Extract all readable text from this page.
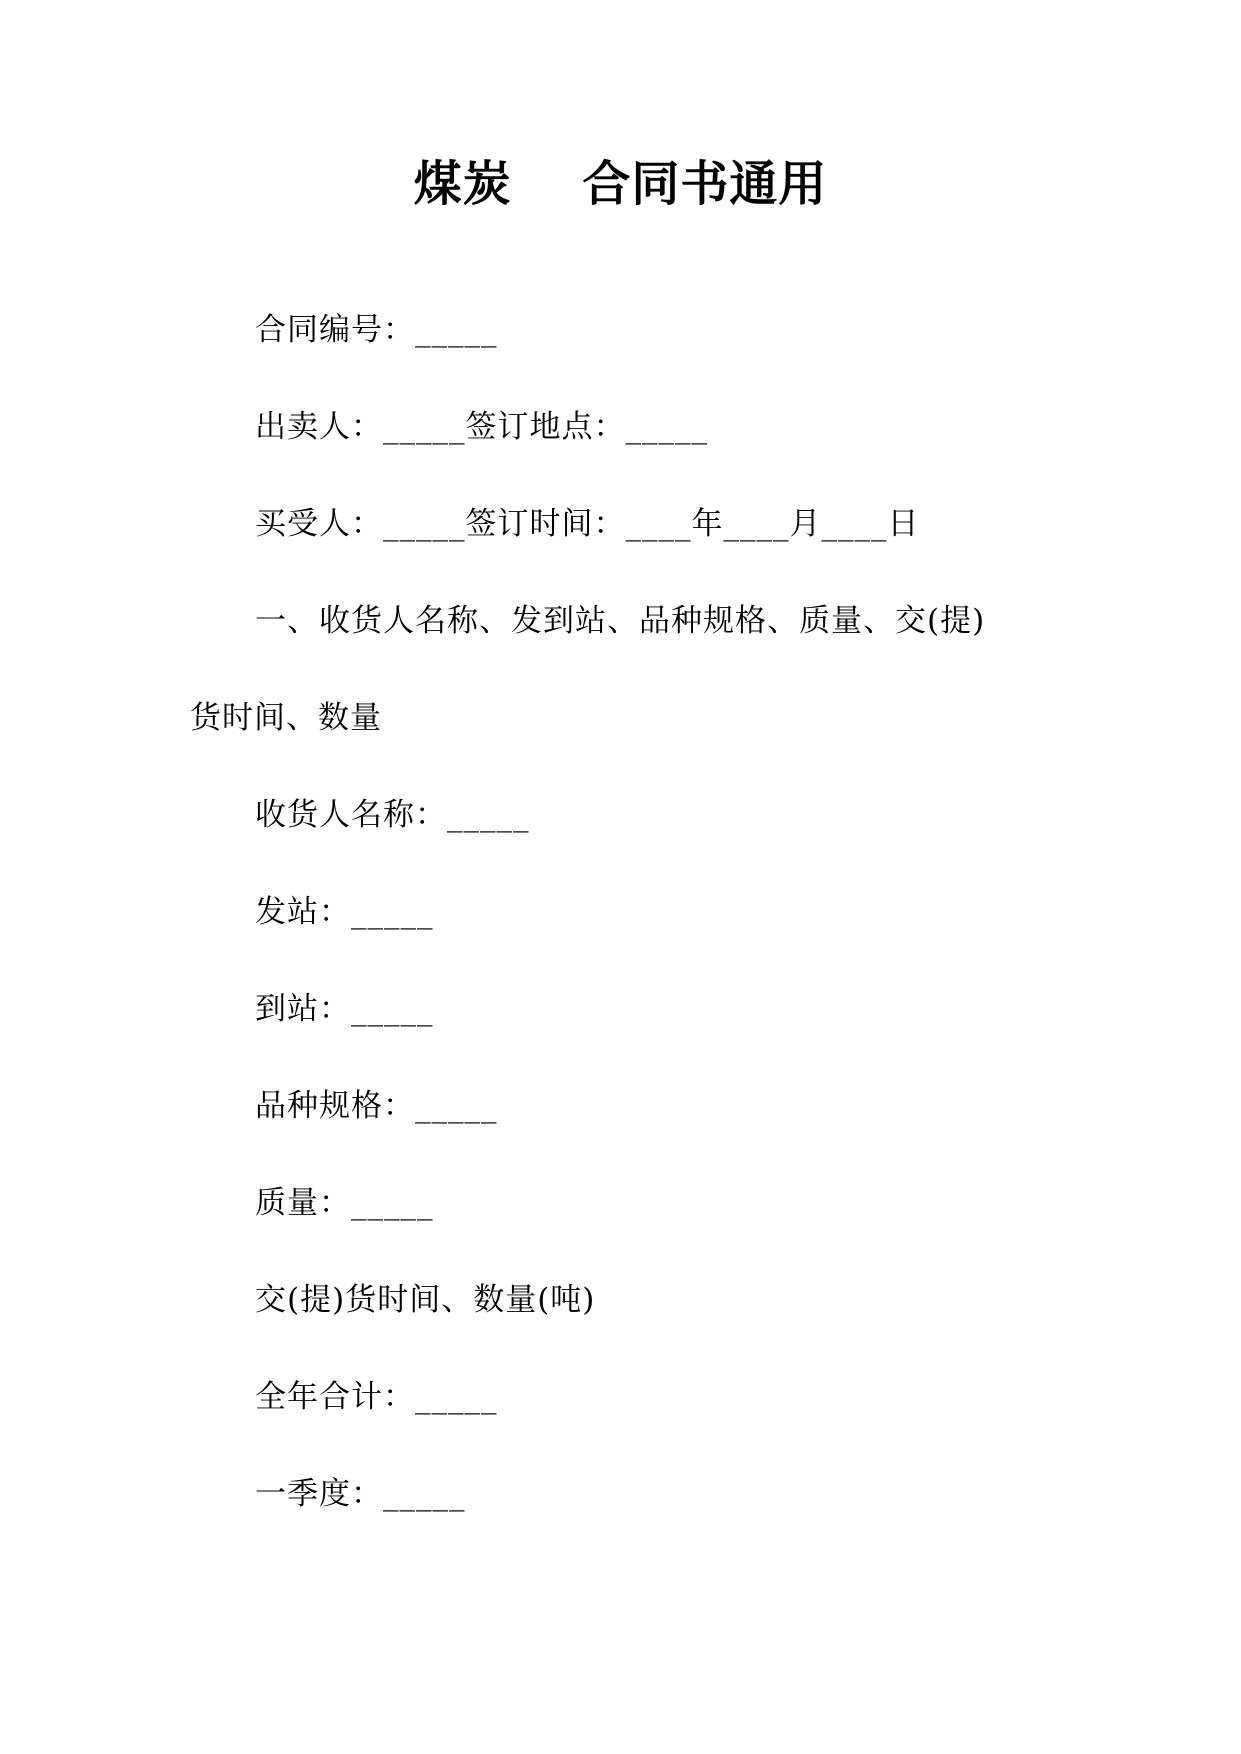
煤炭    合同书通用
合同编号：_____
出卖人：_____签订地点：_____
买受人：_____签订时间：____年____月____日
一、收货人名称、发到站、品种规格、质量、交(提)
货时间、数量
收货人名称：_____
发站：_____
到站：_____
品种规格：_____
质量：_____
交(提)货时间、数量(吨)
全年合计：_____
一季度：_____
